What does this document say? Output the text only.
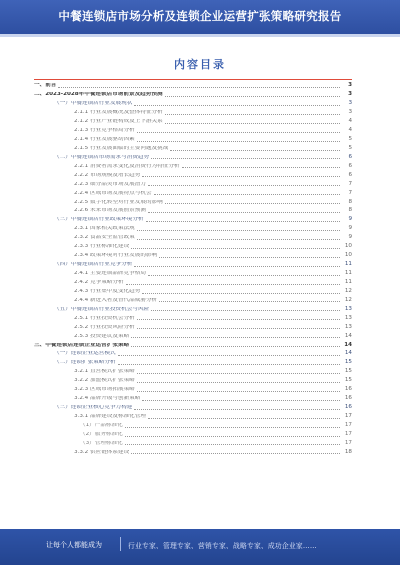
中餐连锁店市场分析及连锁企业运营扩张策略研究报告
内容目录
一、前言	3
二、2023-2028年中餐连锁店市场前景及趋势预测	3
（一）中餐连锁店行业发展现状	3
2.1.1 行业发展概况及整体特征分析	3
2.1.2 行业产业链构成及上下游关系	4
2.1.3 行业竞争格局分析	4
2.1.4 行业发展驱动因素	5
2.1.5 行业发展面临的主要问题及挑战	5
（二）中餐连锁店市场需求与消费趋势	6
2.2.1 消费者需求变化及消费行为特征分析	6
2.2.2 市场规模及增长趋势	6
2.2.3 细分品类市场发展潜力	7
2.2.4 区域市场发展特点与机会	7
2.2.5 数字化转型对行业发展的影响	8
2.2.6 未来市场发展前景预测	8
（三）中餐连锁店行业政策环境分析	9
2.3.1 国家相关政策法规	9
2.3.2 食品安全监管政策	9
2.3.3 行业标准化建设	10
2.3.4 政策环境对行业发展的影响	10
（四）中餐连锁店行业竞争分析	11
2.4.1 主要连锁品牌竞争格局	11
2.4.2 竞争策略分析	11
2.4.3 行业集中度变化趋势	12
2.4.4 新进入者及替代品威胁分析	12
（五）中餐连锁店行业投资机会与风险	13
2.5.1 行业投资机会分析	13
2.5.2 行业投资风险分析	13
2.5.3 投资建议及策略	14
三、中餐连锁店连锁企业运营扩张策略	14
（一）连锁企业运营模式	14
（二）连锁扩张策略分析	15
3.2.1 直营模式扩张策略	15
3.2.2 加盟模式扩张策略	15
3.2.3 区域市场拓展策略	16
3.2.4 品牌升级与创新策略	16
（三）连锁企业核心竞争力构建	16
3.3.1 品牌建设及标准化管理	17
（1）产品标准化	17
（2）服务标准化	17
（3）管理标准化	17
3.3.2 供应链体系建设	18
让每个人都能成为	行业专家、管理专家、营销专家、战略专家、成功企业家……
